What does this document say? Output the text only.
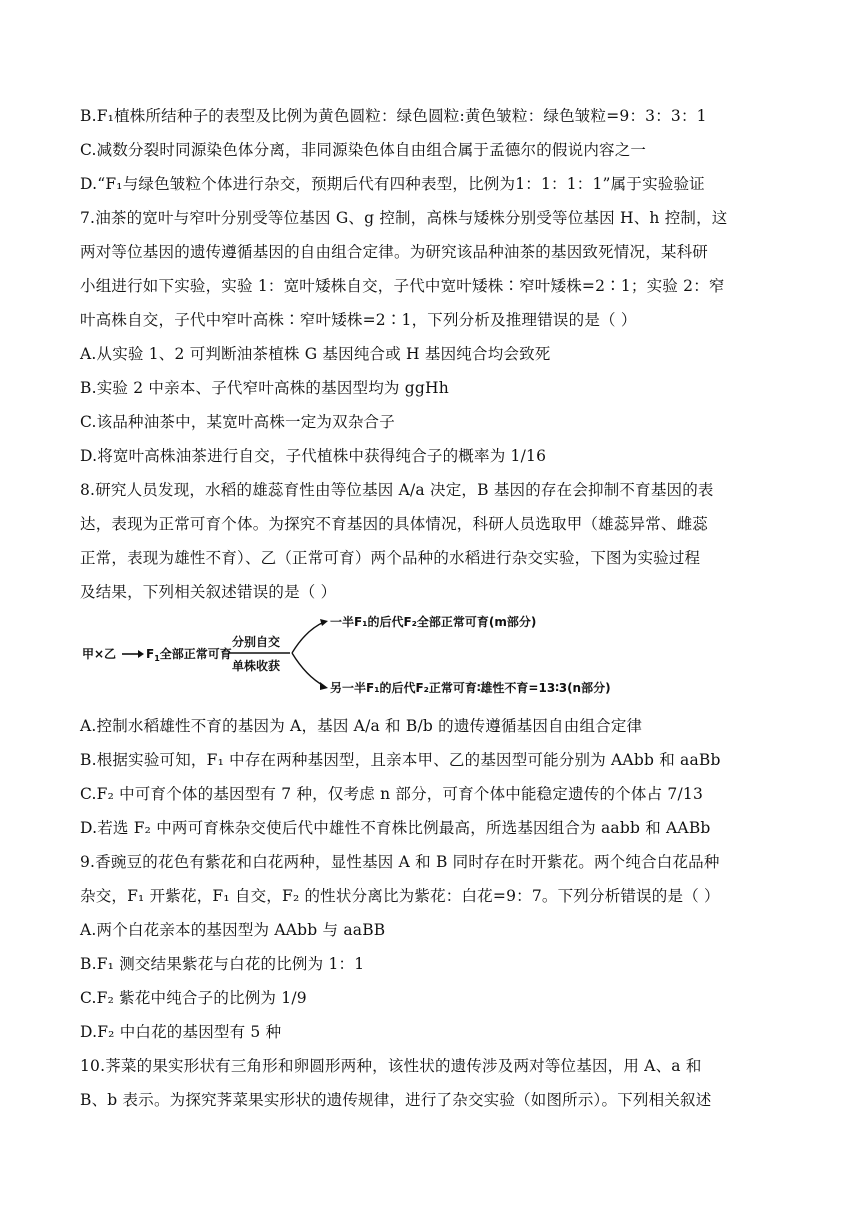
B.F₁植株所结种子的表型及比例为黄色圆粒：绿色圆粒:黄色皱粒：绿色皱粒=9：3：3：1
C.减数分裂时同源染色体分离，非同源染色体自由组合属于孟德尔的假说内容之一
D.“F₁与绿色皱粒个体进行杂交，预期后代有四种表型，比例为1：1：1：1”属于实验验证
7.油茶的宽叶与窄叶分别受等位基因 G、g 控制，高株与矮株分别受等位基因 H、h 控制，这
两对等位基因的遗传遵循基因的自由组合定律。为研究该品种油茶的基因致死情况，某科研
小组进行如下实验，实验 1：宽叶矮株自交，子代中宽叶矮株∶窄叶矮株=2∶1；实验 2：窄
叶高株自交，子代中窄叶高株∶窄叶矮株=2∶1，下列分析及推理错误的是（ ）
A.从实验 1、2 可判断油茶植株 G 基因纯合或 H 基因纯合均会致死
B.实验 2 中亲本、子代窄叶高株的基因型均为 ggHh
C.该品种油茶中，某宽叶高株一定为双杂合子
D.将宽叶高株油茶进行自交，子代植株中获得纯合子的概率为 1/16
8.研究人员发现，水稻的雄蕊育性由等位基因 A/a 决定，B 基因的存在会抑制不育基因的表
达，表现为正常可育个体。为探究不育基因的具体情况，科研人员选取甲（雄蕊异常、雌蕊
正常，表现为雄性不育）、乙（正常可育）两个品种的水稻进行杂交实验，下图为实验过程
及结果，下列相关叙述错误的是（ ）
甲×乙 $F_1$全部正常可育
分别自交
单株收获
一半F₁的后代F₂全部正常可育(m部分)
另一半F₁的后代F₂正常可育∶雄性不育=13∶3(n部分)
A.控制水稻雄性不育的基因为 A，基因 A/a 和 B/b 的遗传遵循基因自由组合定律
B.根据实验可知，F₁ 中存在两种基因型，且亲本甲、乙的基因型可能分别为 AAbb 和 aaBb
C.F₂ 中可育个体的基因型有 7 种，仅考虑 n 部分，可育个体中能稳定遗传的个体占 7/13
D.若选 F₂ 中两可育株杂交使后代中雄性不育株比例最高，所选基因组合为 aabb 和 AABb
9.香豌豆的花色有紫花和白花两种，显性基因 A 和 B 同时存在时开紫花。两个纯合白花品种
杂交，F₁ 开紫花，F₁ 自交，F₂ 的性状分离比为紫花：白花=9：7。下列分析错误的是（ ）
A.两个白花亲本的基因型为 AAbb 与 aaBB
B.F₁ 测交结果紫花与白花的比例为 1：1
C.F₂ 紫花中纯合子的比例为 1/9
D.F₂ 中白花的基因型有 5 种
10.荠菜的果实形状有三角形和卵圆形两种，该性状的遗传涉及两对等位基因，用 A、a 和
B、b 表示。为探究荠菜果实形状的遗传规律，进行了杂交实验（如图所示）。下列相关叙述
